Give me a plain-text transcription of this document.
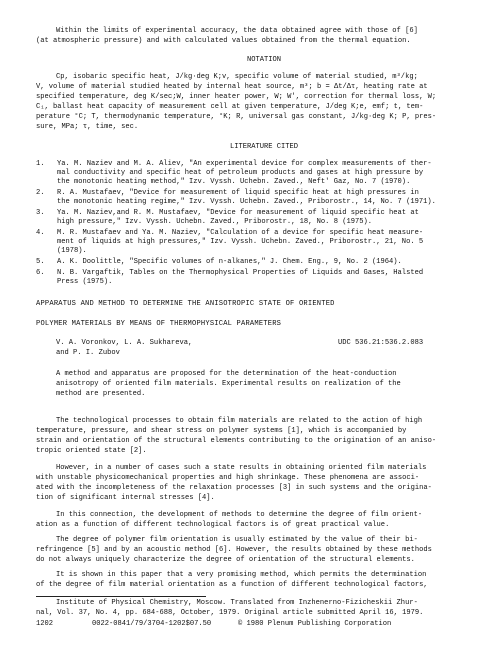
Within the limits of experimental accuracy, the data obtained agree with those of [6]
(at atmospheric pressure) and with calculated values obtained from the thermal equation.
NOTATION
Cp, isobaric specific heat, J/kg·deg K;v, specific volume of material studied, m³/kg;
V, volume of material studied heated by internal heat source, m³; b = Δt/Δτ, heating rate at
specified temperature, deg K/sec;W, inner heater power, W; W', correction for thermal loss, W;
C₁, ballast heat capacity of measurement cell at given temperature, J/deg K;e, emf; t, tem-
perature °C; T, thermodynamic temperature, °K; R, universal gas constant, J/kg·deg K; P, pres-
sure, MPa; τ, time, sec.
LITERATURE CITED
1. Ya. M. Naziev and M. A. Aliev, "An experimental device for complex measurements of ther-
mal conductivity and specific heat of petroleum products and gases at high pressure by
the monotonic heating method," Izv. Vyssh. Uchebn. Zaved., Neft' Gaz, No. 7 (1970).
2. R. A. Mustafaev, "Device for measurement of liquid specific heat at high pressures in
the monotonic heating regime," Izv. Vyssh. Uchebn. Zaved., Priborostr., 14, No. 7 (1971).
3. Ya. M. Naziev,and R. M. Mustafaev, "Device for measurement of liquid specific heat at
high pressure," Izv. Vyssh. Uchebn. Zaved., Priborostr., 18, No. 8 (1975).
4. M. R. Mustafaev and Ya. M. Naziev, "Calculation of a device for specific heat measure-
ment of liquids at high pressures," Izv. Vyssh. Uchebn. Zaved., Priborostr., 21, No. 5
(1978).
5. A. K. Doolittle, "Specific volumes of n-alkanes," J. Chem. Eng., 9, No. 2 (1964).
6. N. B. Vargaftik, Tables on the Thermophysical Properties of Liquids and Gases, Halsted
Press (1975).
APPARATUS AND METHOD TO DETERMINE THE ANISOTROPIC STATE OF ORIENTED
POLYMER MATERIALS BY MEANS OF THERMOPHYSICAL PARAMETERS
V. A. Voronkov, L. A. Sukhareva,
and P. I. Zubov
UDC 536.21:536.2.083
A method and apparatus are proposed for the determination of the heat-conduction
anisotropy of oriented film materials. Experimental results on realization of the
method are presented.
The technological processes to obtain film materials are related to the action of high
temperature, pressure, and shear stress on polymer systems [1], which is accompanied by
strain and orientation of the structural elements contributing to the origination of an aniso-
tropic oriented state [2].
However, in a number of cases such a state results in obtaining oriented film materials
with unstable physicomechanical properties and high shrinkage. These phenomena are associ-
ated with the incompleteness of the relaxation processes [3] in such systems and the origina-
tion of significant internal stresses [4].
In this connection, the development of methods to determine the degree of film orient-
ation as a function of different technological factors is of great practical value.
The degree of polymer film orientation is usually estimated by the value of their bi-
refringence [5] and by an acoustic method [6]. However, the results obtained by these methods
do not always uniquely characterize the degree of orientation of the structural elements.
It is shown in this paper that a very promising method, which permits the determination
of the degree of film material orientation as a function of different technological factors,
Institute of Physical Chemistry, Moscow. Translated from Inzhenerno-Fizicheskii Zhur-
nal, Vol. 37, No. 4, pp. 684-688, October, 1979. Original article submitted April 16, 1979.
1202	0022-0841/79/3704-1202$07.50	© 1980 Plenum Publishing Corporation
